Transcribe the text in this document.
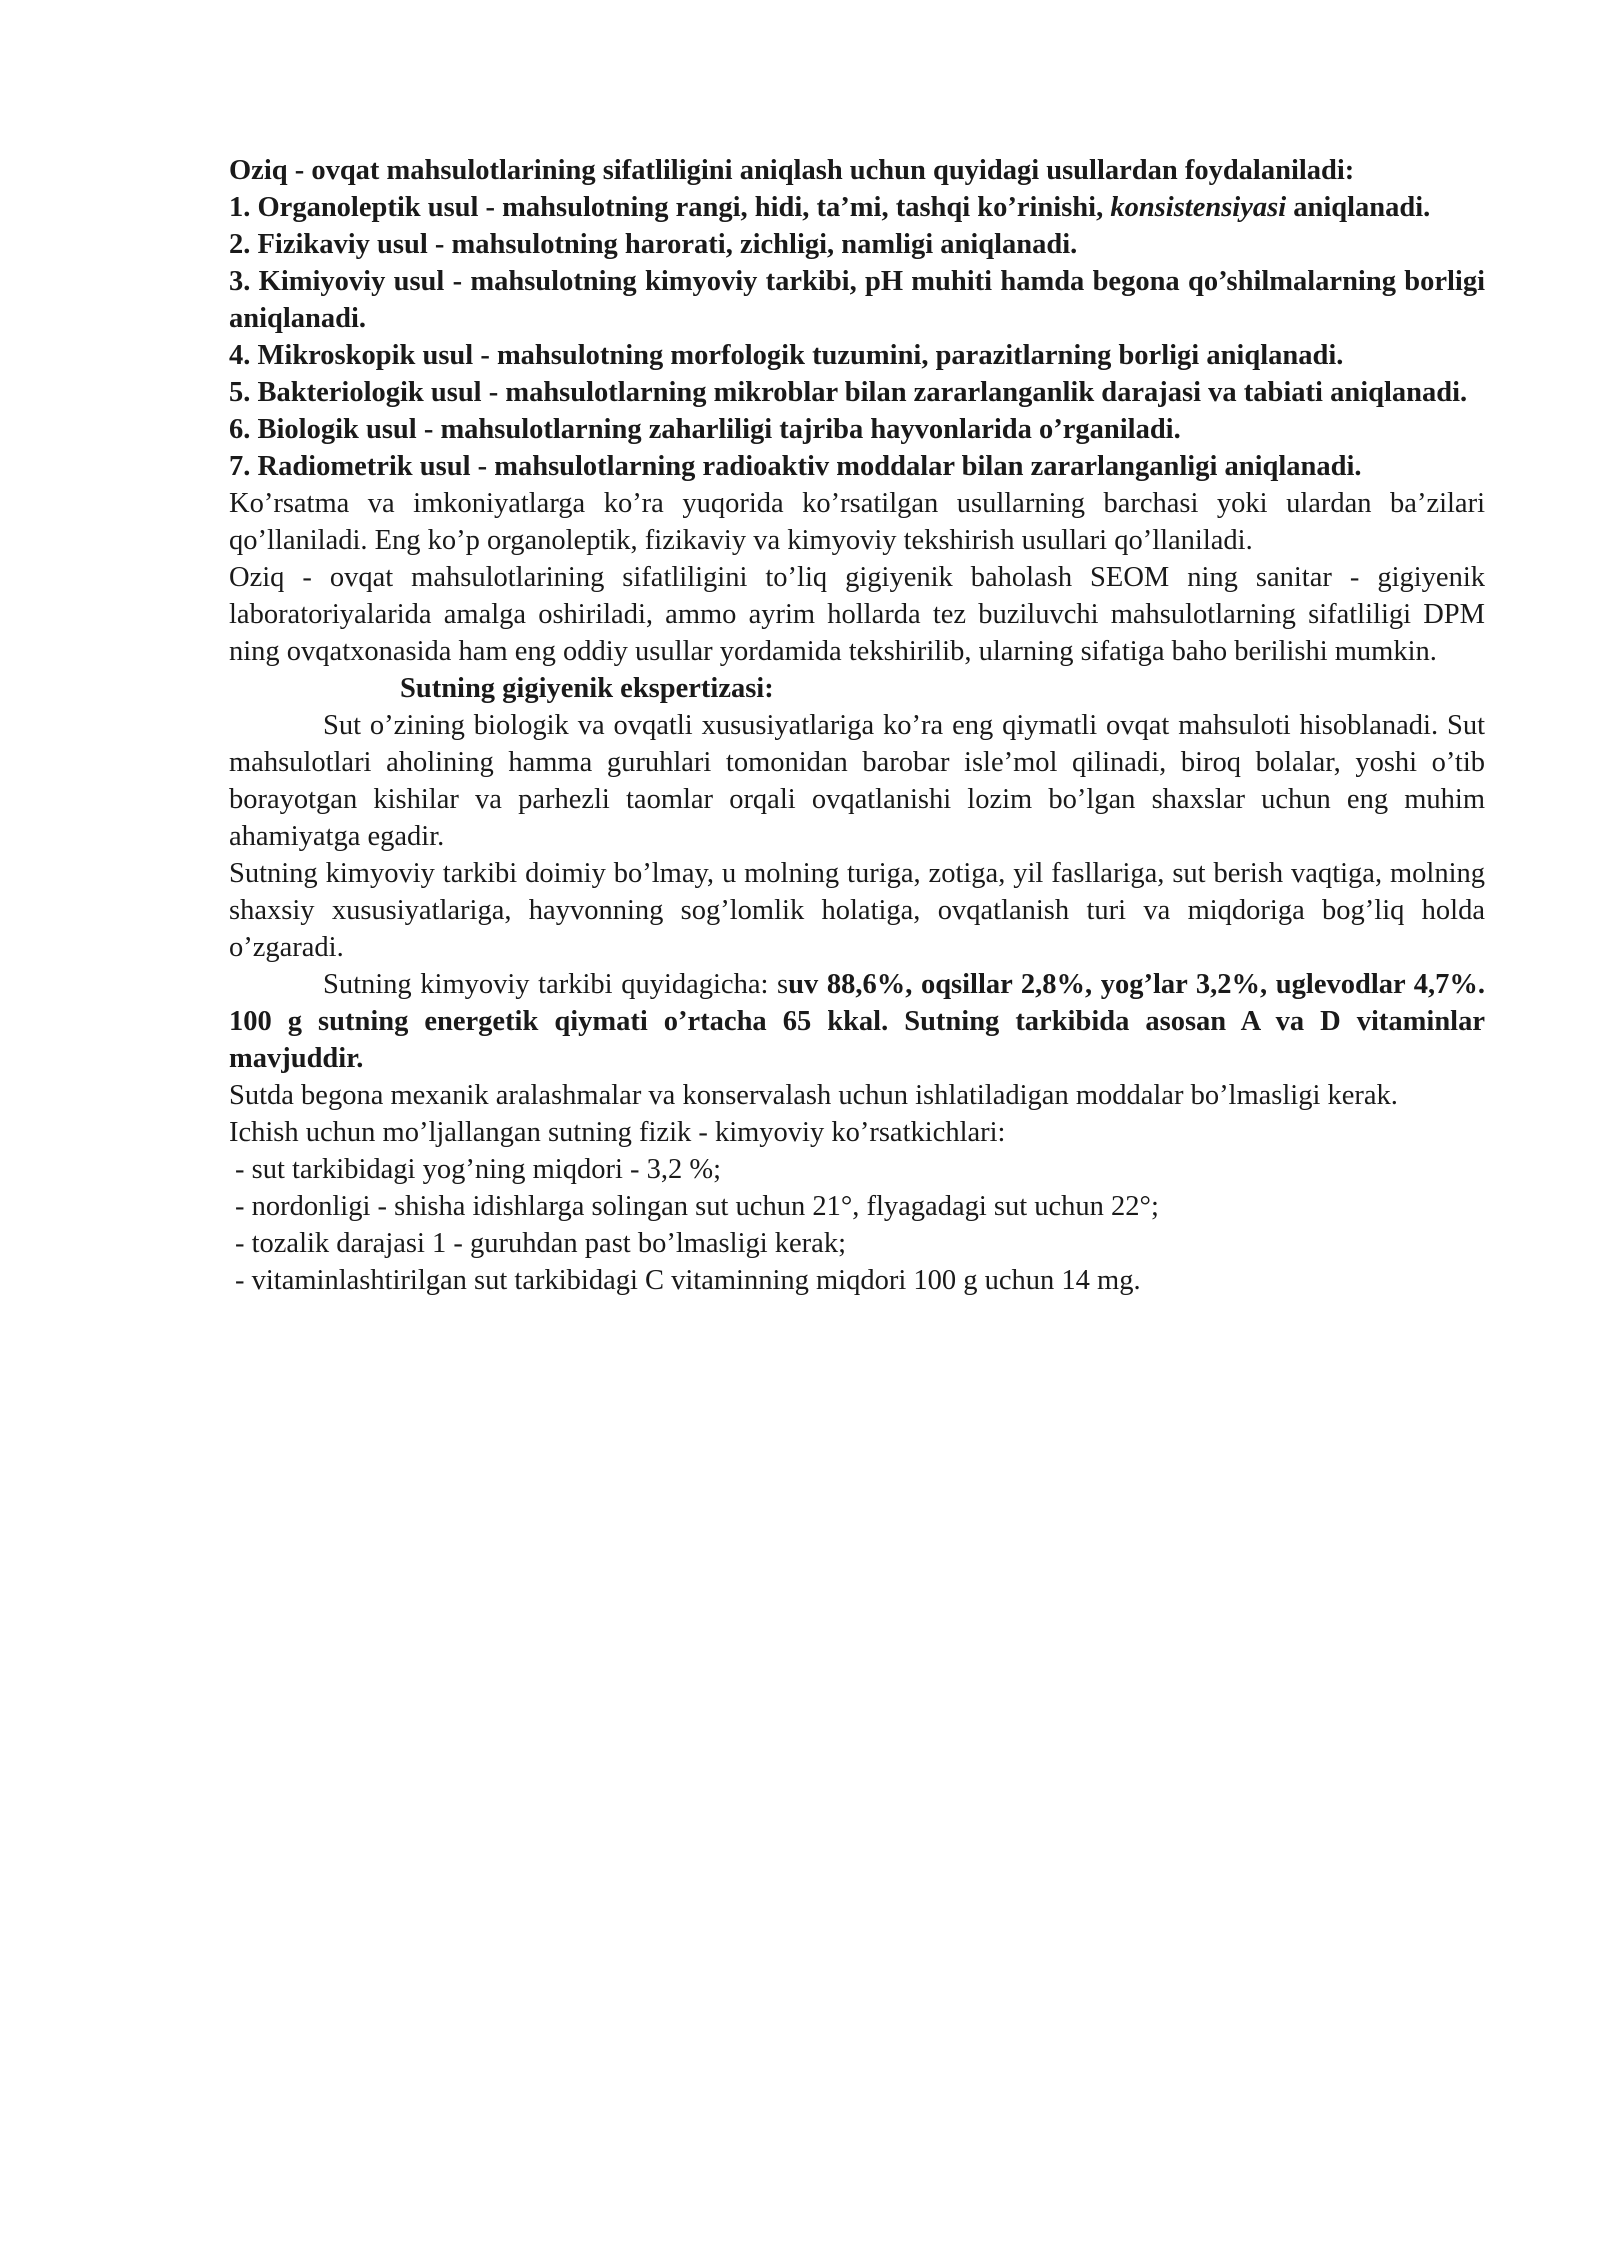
Oziq - ovqat mahsulotlarining sifatliligini aniqlash uchun quyidagi usullardan foydalaniladi:

1. Organoleptik usul - mahsulotning rangi, hidi, ta’mi, tashqi ko’rinishi, konsistensiyasi aniqlanadi.

2. Fizikaviy usul - mahsulotning harorati, zichligi, namligi aniqlanadi.

3. Kimiyoviy usul - mahsulotning kimyoviy tarkibi, pH muhiti hamda begona qo’shilmalarning borligi aniqlanadi.

4. Mikroskopik usul - mahsulotning morfologik tuzumini, parazitlarning borligi aniqlanadi.

5. Bakteriologik usul - mahsulotlarning mikroblar bilan zararlanganlik darajasi va tabiati aniqlanadi.

6. Biologik usul - mahsulotlarning zaharliligi tajriba hayvonlarida o’rganiladi.

7. Radiometrik usul - mahsulotlarning radioaktiv moddalar bilan zararlanganligi aniqlanadi.

Ko’rsatma va imkoniyatlarga ko’ra yuqorida ko’rsatilgan usullarning barchasi yoki ulardan ba’zilari qo’llaniladi. Eng ko’p organoleptik, fizikaviy va kimyoviy tekshirish usullari qo’llaniladi.

Oziq - ovqat mahsulotlarining sifatliligini to’liq gigiyenik baholash SEOM ning sanitar - gigiyenik laboratoriyalarida amalga oshiriladi, ammo ayrim hollarda tez buziluvchi mahsulotlarning sifatliligi DPM ning ovqatxonasida ham eng oddiy usullar yordamida tekshirilib, ularning sifatiga baho berilishi mumkin.

Sutning gigiyenik ekspertizasi:

Sut o’zining biologik va ovqatli xususiyatlariga ko’ra eng qiymatli ovqat mahsuloti hisoblanadi. Sut mahsulotlari aholining hamma guruhlari tomonidan barobar isle’mol qilinadi, biroq bolalar, yoshi o’tib borayotgan kishilar va parhezli taomlar orqali ovqatlanishi lozim bo’lgan shaxslar uchun eng muhim ahamiyatga egadir.

Sutning kimyoviy tarkibi doimiy bo’lmay, u molning turiga, zotiga, yil fasllariga, sut berish vaqtiga, molning shaxsiy xususiyatlariga, hayvonning sog’lomlik holatiga, ovqatlanish turi va miqdoriga bog’liq holda o’zgaradi.

Sutning kimyoviy tarkibi quyidagicha: suv 88,6%, oqsillar 2,8%, yog’lar 3,2%, uglevodlar 4,7%. 100 g sutning energetik qiymati o’rtacha 65 kkal. Sutning tarkibida asosan A va D vitaminlar mavjuddir.

Sutda begona mexanik aralashmalar va konservalash uchun ishlatiladigan moddalar bo’lmasligi kerak.

Ichish uchun mo’ljallangan sutning fizik - kimyoviy ko’rsatkichlari:

- sut tarkibidagi yog’ning miqdori - 3,2 %;

- nordonligi - shisha idishlarga solingan sut uchun 21°, flyagadagi sut uchun 22°;

- tozalik darajasi 1 - guruhdan past bo’lmasligi kerak;

- vitaminlashtirilgan sut tarkibidagi C vitaminning miqdori 100 g uchun 14 mg.
